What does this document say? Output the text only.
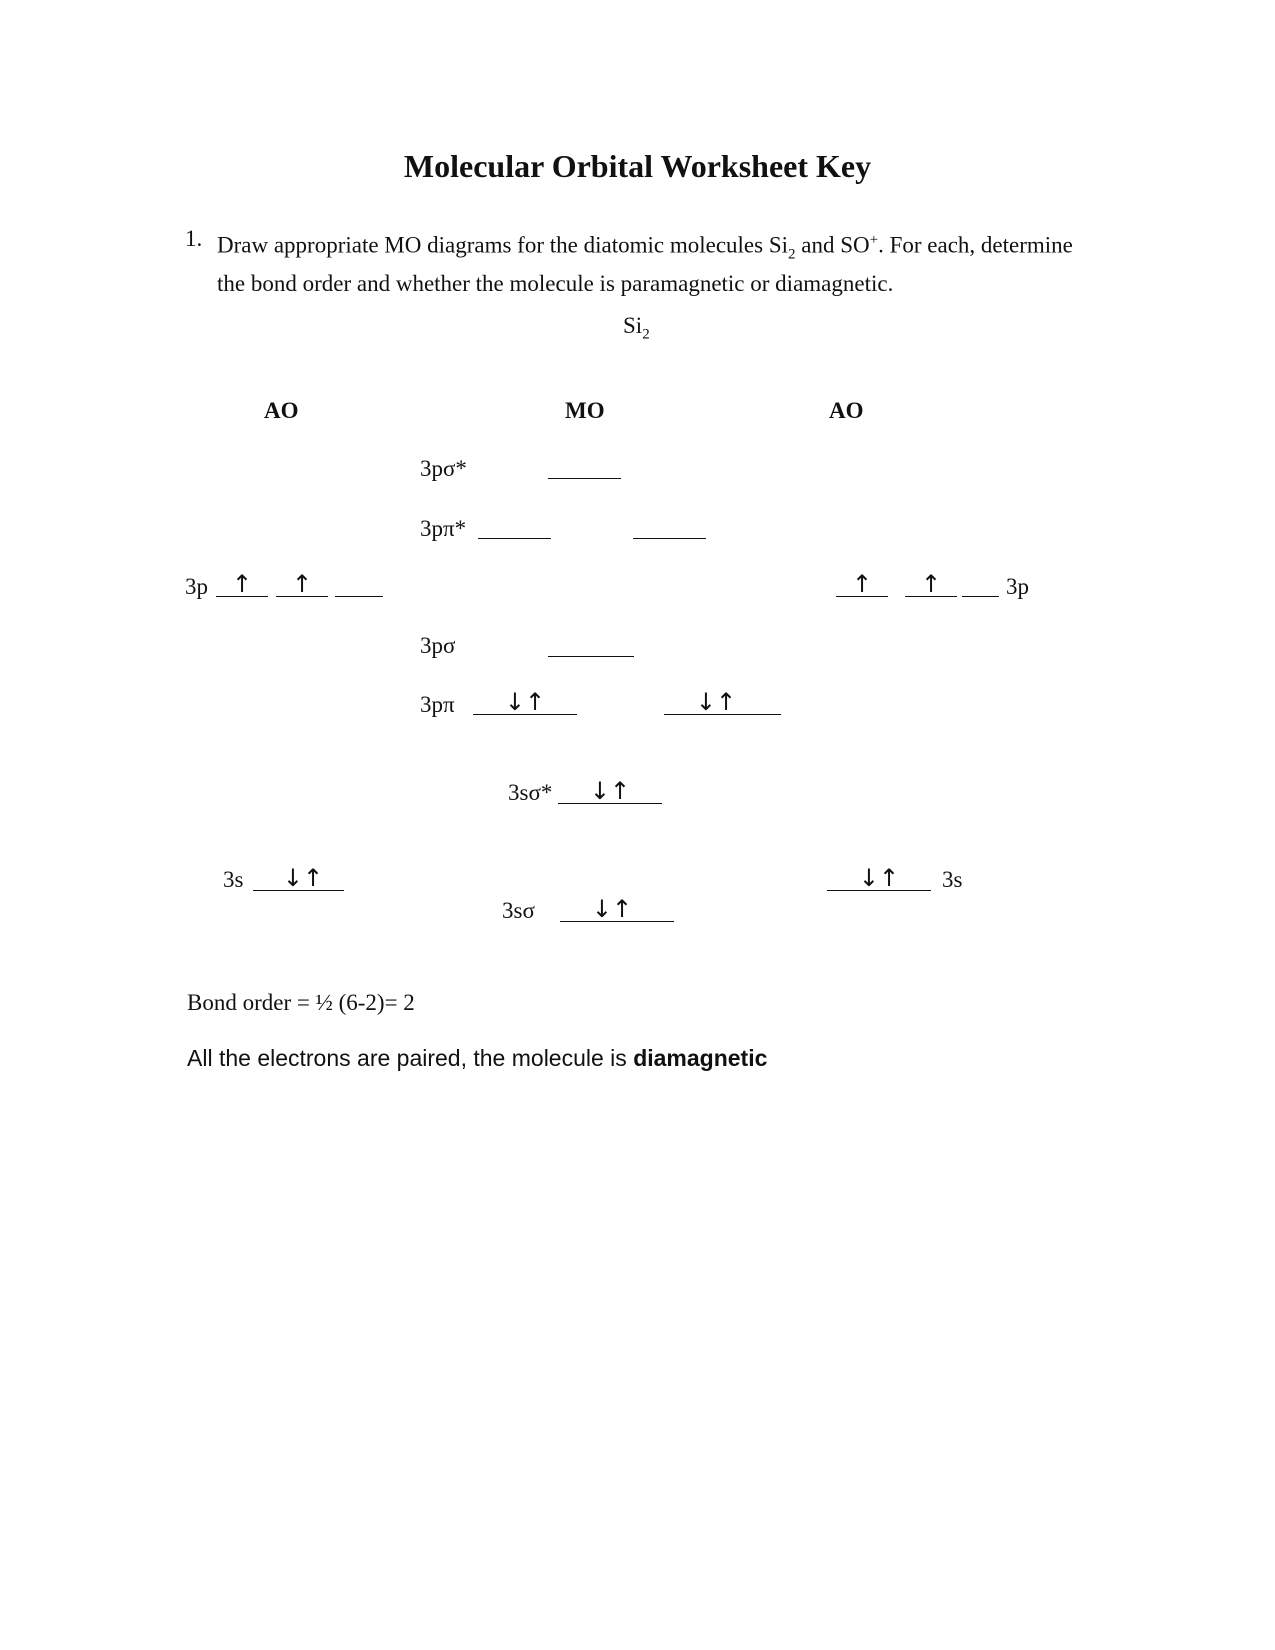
Molecular Orbital Worksheet Key
1. Draw appropriate MO diagrams for the diatomic molecules $Si_2$ and SO+. For each, determine the bond order and whether the molecule is paramagnetic or diamagnetic.
$Si_2$
AO	MO	AO
3pσ*
3pπ*
3p ↑	↑	↑	↑	3p
3pσ
3pπ	↓↑	↓↑
3sσ*	↓↑
3s	↓↑	↓↑	3s
3sσ	↓↑
Bond order = ½ (6-2)= 2
All the electrons are paired, the molecule is diamagnetic
